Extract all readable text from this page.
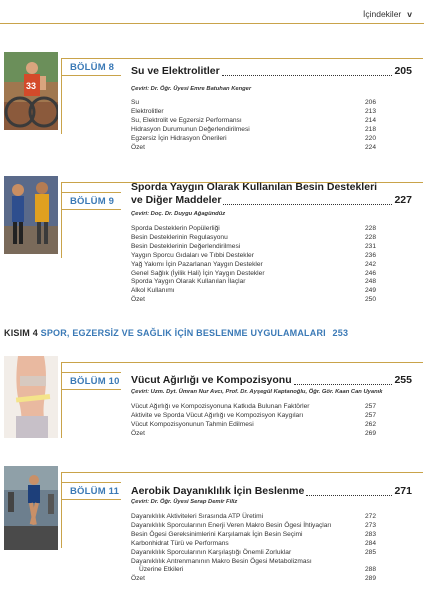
İçindekiler v
33
BÖLÜM 8	Su ve Elektrolitler	205
Çeviri: Dr. Öğr. Üyesi Emre Batuhan Kenger
Su	206
Elektrolitler	213
Su, Elektrolit ve Egzersiz Performansı	214
Hidrasyon Durumunun Değerlendirilmesi	218
Egzersiz İçin Hidrasyon Önerileri	220
Özet	224
BÖLÜM 9
Sporda Yaygın Olarak Kullanılan Besin Destekleri
ve Diğer Maddeler	227
Çeviri: Doç. Dr. Duygu Ağagündüz
Sporda Desteklerin Popülerliği	228
Besin Desteklerinin Regulasyonu	228
Besin Desteklerinin Değerlendirilmesi	231
Yaygın Sporcu Gıdaları ve Tıbbi Destekler	236
Yağ Yakımı İçin Pazarlanan Yaygın Destekler	242
Genel Sağlık (İyilik Hali) İçin Yaygın Destekler	246
Sporda Yaygın Olarak Kullanılan İlaçlar	248
Alkol Kullanımı	249
Özet	250
KISIM 4 SPOR, EGZERSİZ VE SAĞLIK İÇİN BESLENME UYGULAMALARI 253
BÖLÜM 10 Vücut Ağırlığı ve Kompozisyonu	255
Çeviri: Uzm. Dyt. Ümran Nur Avcı, Prof. Dr. Ayşegül Kaptanoğlu, Öğr. Gör. Kaan Can Uyanık
Vücut Ağırlığı ve Kompozisyonuna Katkıda Bulunan Faktörler	257
Aktivite ve Sporda Vücut Ağırlığı ve Kompozisyon Kaygıları	257
Vücut Kompozisyonunun Tahmin Edilmesi	262
Özet	269
BÖLÜM 11 Aerobik Dayanıklılık İçin Beslenme	271
Çeviri: Dr. Öğr. Üyesi Serap Demir Filiz
Dayanıklılık Aktiviteleri Sırasında ATP Üretimi	272
Dayanıklılık Sporcularının Enerji Veren Makro Besin Ögesi İhtiyaçları	273
Besin Ögesi Gereksinimlerini Karşılamak İçin Besin Seçimi	283
Karbonhidrat Türü ve Performans	284
Dayanıklılık Sporcularının Karşılaştığı Önemli Zorluklar	285
Dayanıklılık Antrenmanının Makro Besin Ögesi Metabolizması
Üzerine Etkileri	288
Özet	289
